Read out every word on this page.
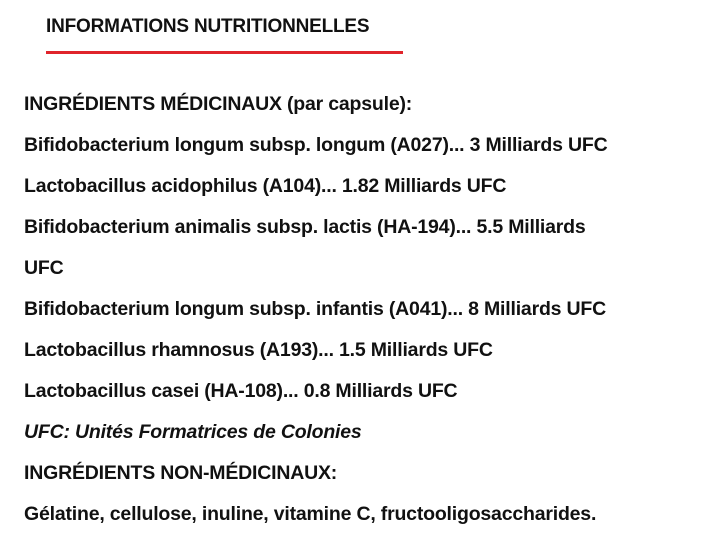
INFORMATIONS NUTRITIONNELLES
INGRÉDIENTS MÉDICINAUX (par capsule):
Bifidobacterium longum subsp. longum (A027)... 3 Milliards UFC
Lactobacillus acidophilus (A104)... 1.82 Milliards UFC
Bifidobacterium animalis subsp. lactis (HA-194)... 5.5 Milliards
UFC
Bifidobacterium longum subsp. infantis (A041)... 8 Milliards UFC
Lactobacillus rhamnosus (A193)... 1.5 Milliards UFC
Lactobacillus casei (HA-108)... 0.8 Milliards UFC
UFC: Unités Formatrices de Colonies
INGRÉDIENTS NON-MÉDICINAUX:
Gélatine, cellulose, inuline, vitamine C, fructooligosaccharides.
